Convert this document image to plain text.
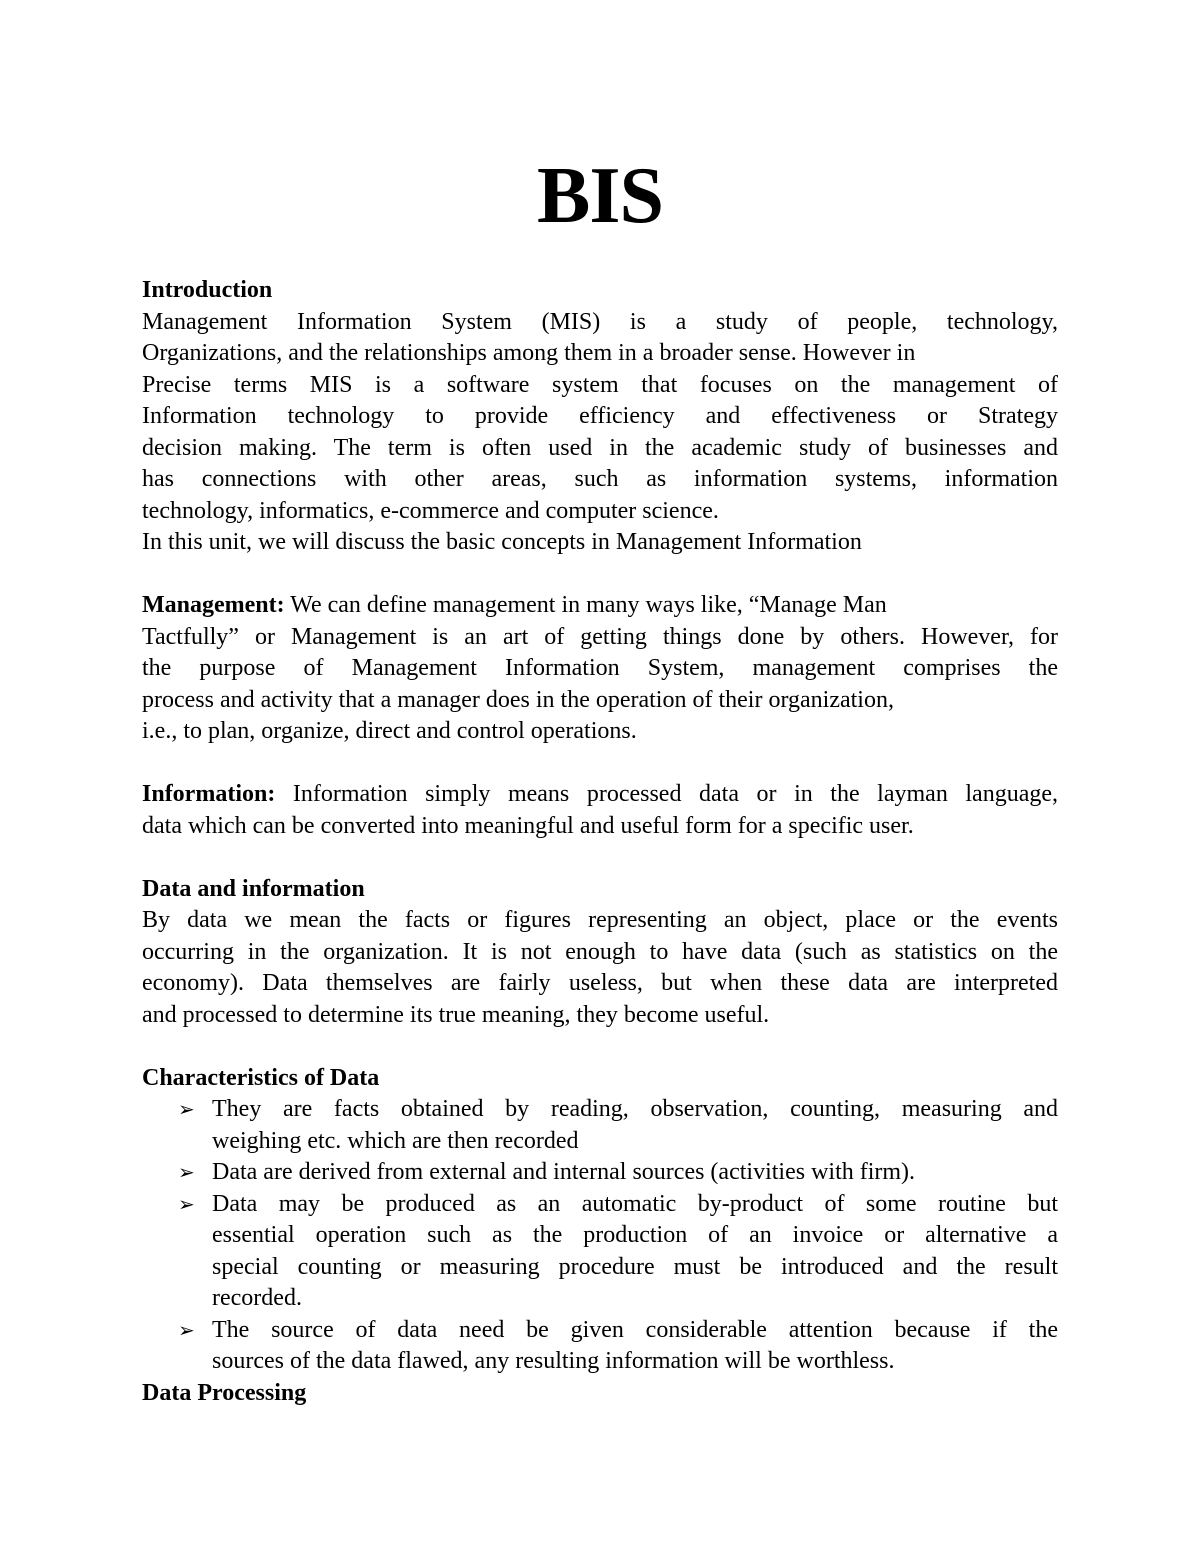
BIS
Introduction
Management Information System (MIS) is a study of people, technology,
Organizations, and the relationships among them in a broader sense. However in
Precise terms MIS is a software system that focuses on the management of
Information technology to provide efficiency and effectiveness or Strategy
decision making. The term is often used in the academic study of businesses and
has connections with other areas, such as information systems, information
technology, informatics, e-commerce and computer science.
In this unit, we will discuss the basic concepts in Management Information
Management: We can define management in many ways like, “Manage Man
Tactfully” or Management is an art of getting things done by others. However, for
the purpose of Management Information System, management comprises the
process and activity that a manager does in the operation of their organization,
i.e., to plan, organize, direct and control operations.
Information: Information simply means processed data or in the layman language,
data which can be converted into meaningful and useful form for a specific user.
Data and information
By data we mean the facts or figures representing an object, place or the events
occurring in the organization. It is not enough to have data (such as statistics on the
economy). Data themselves are fairly useless, but when these data are interpreted
and processed to determine its true meaning, they become useful.
Characteristics of Data
➢ They are facts obtained by reading, observation, counting, measuring and
weighing etc. which are then recorded
➢ Data are derived from external and internal sources (activities with firm).
➢ Data may be produced as an automatic by-product of some routine but
essential operation such as the production of an invoice or alternative a
special counting or measuring procedure must be introduced and the result
recorded.
➢ The source of data need be given considerable attention because if the
sources of the data flawed, any resulting information will be worthless.
Data Processing
